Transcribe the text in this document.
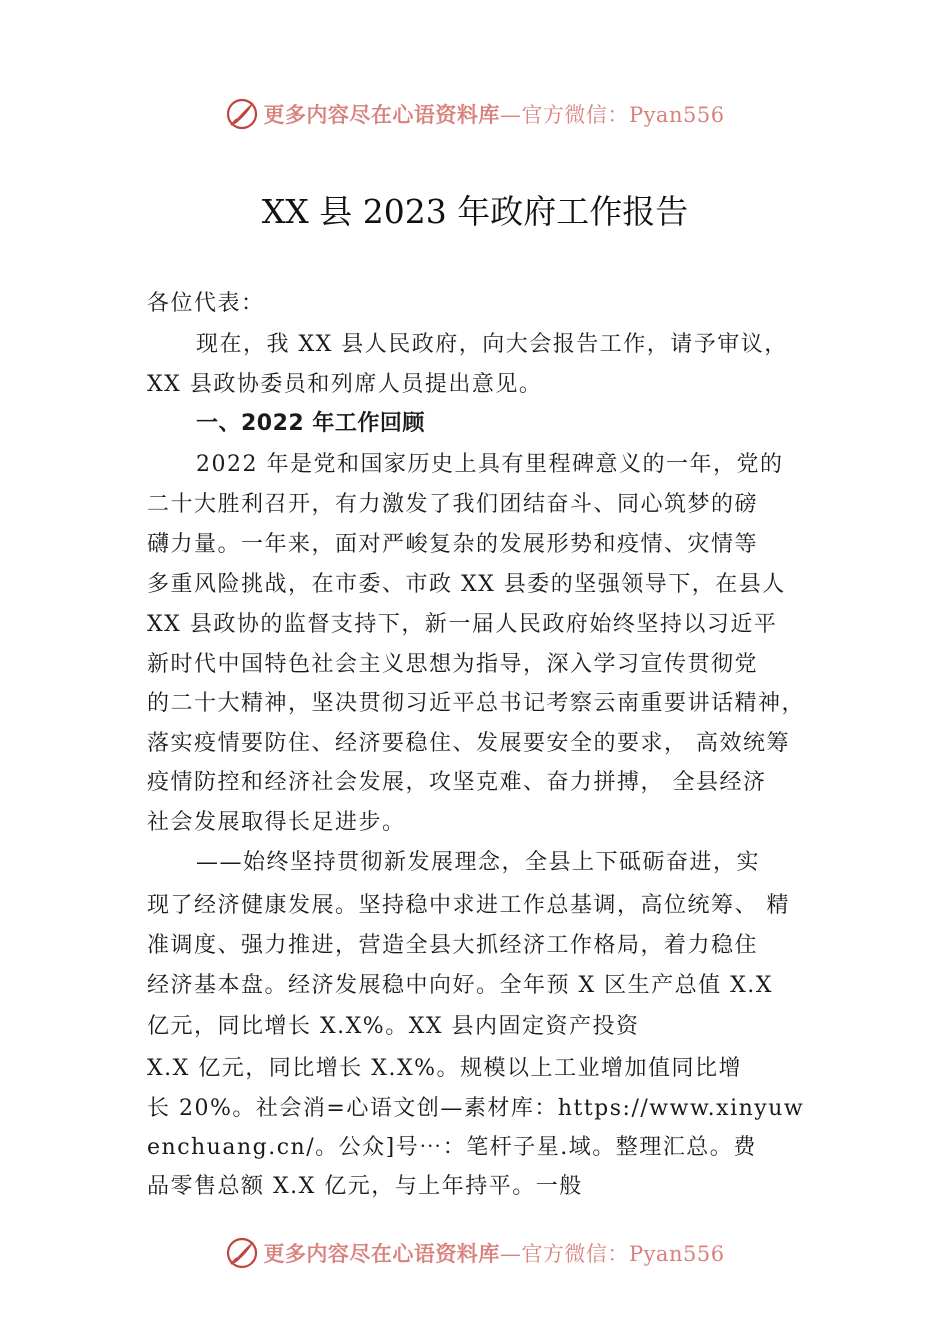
更多内容尽在心语资料库—官方微信：Pyan556
XX 县 2023 年政府工作报告
各位代表：
现在，我 XX 县人民政府，向大会报告工作，请予审议，
XX 县政协委员和列席人员提出意见。
一、2022 年工作回顾
2022 年是党和国家历史上具有里程碑意义的一年，党的
二十大胜利召开，有力激发了我们团结奋斗、同心筑梦的磅
礴力量。一年来，面对严峻复杂的发展形势和疫情、灾情等
多重风险挑战，在市委、市政 XX 县委的坚强领导下，在县人
XX 县政协的监督支持下，新一届人民政府始终坚持以习近平
新时代中国特色社会主义思想为指导，深入学习宣传贯彻党
的二十大精神，坚决贯彻习近平总书记考察云南重要讲话精神，
落实疫情要防住、经济要稳住、发展要安全的要求， 高效统筹
疫情防控和经济社会发展，攻坚克难、奋力拼搏， 全县经济
社会发展取得长足进步。
——始终坚持贯彻新发展理念，全县上下砥砺奋进，实
现了经济健康发展。坚持稳中求进工作总基调，高位统筹、 精
准调度、强力推进，营造全县大抓经济工作格局，着力稳住
经济基本盘。经济发展稳中向好。全年预 X 区生产总值 X.X
亿元，同比增长 X.X%。XX 县内固定资产投资
X.X 亿元，同比增长 X.X%。规模以上工业增加值同比增
长 20%。社会消=心语文创—素材库：https://www.xinyuw
enchuang.cn/。公众]号⋯：笔杆子星.域。整理汇总。费
品零售总额 X.X 亿元，与上年持平。一般
更多内容尽在心语资料库—官方微信：Pyan556
